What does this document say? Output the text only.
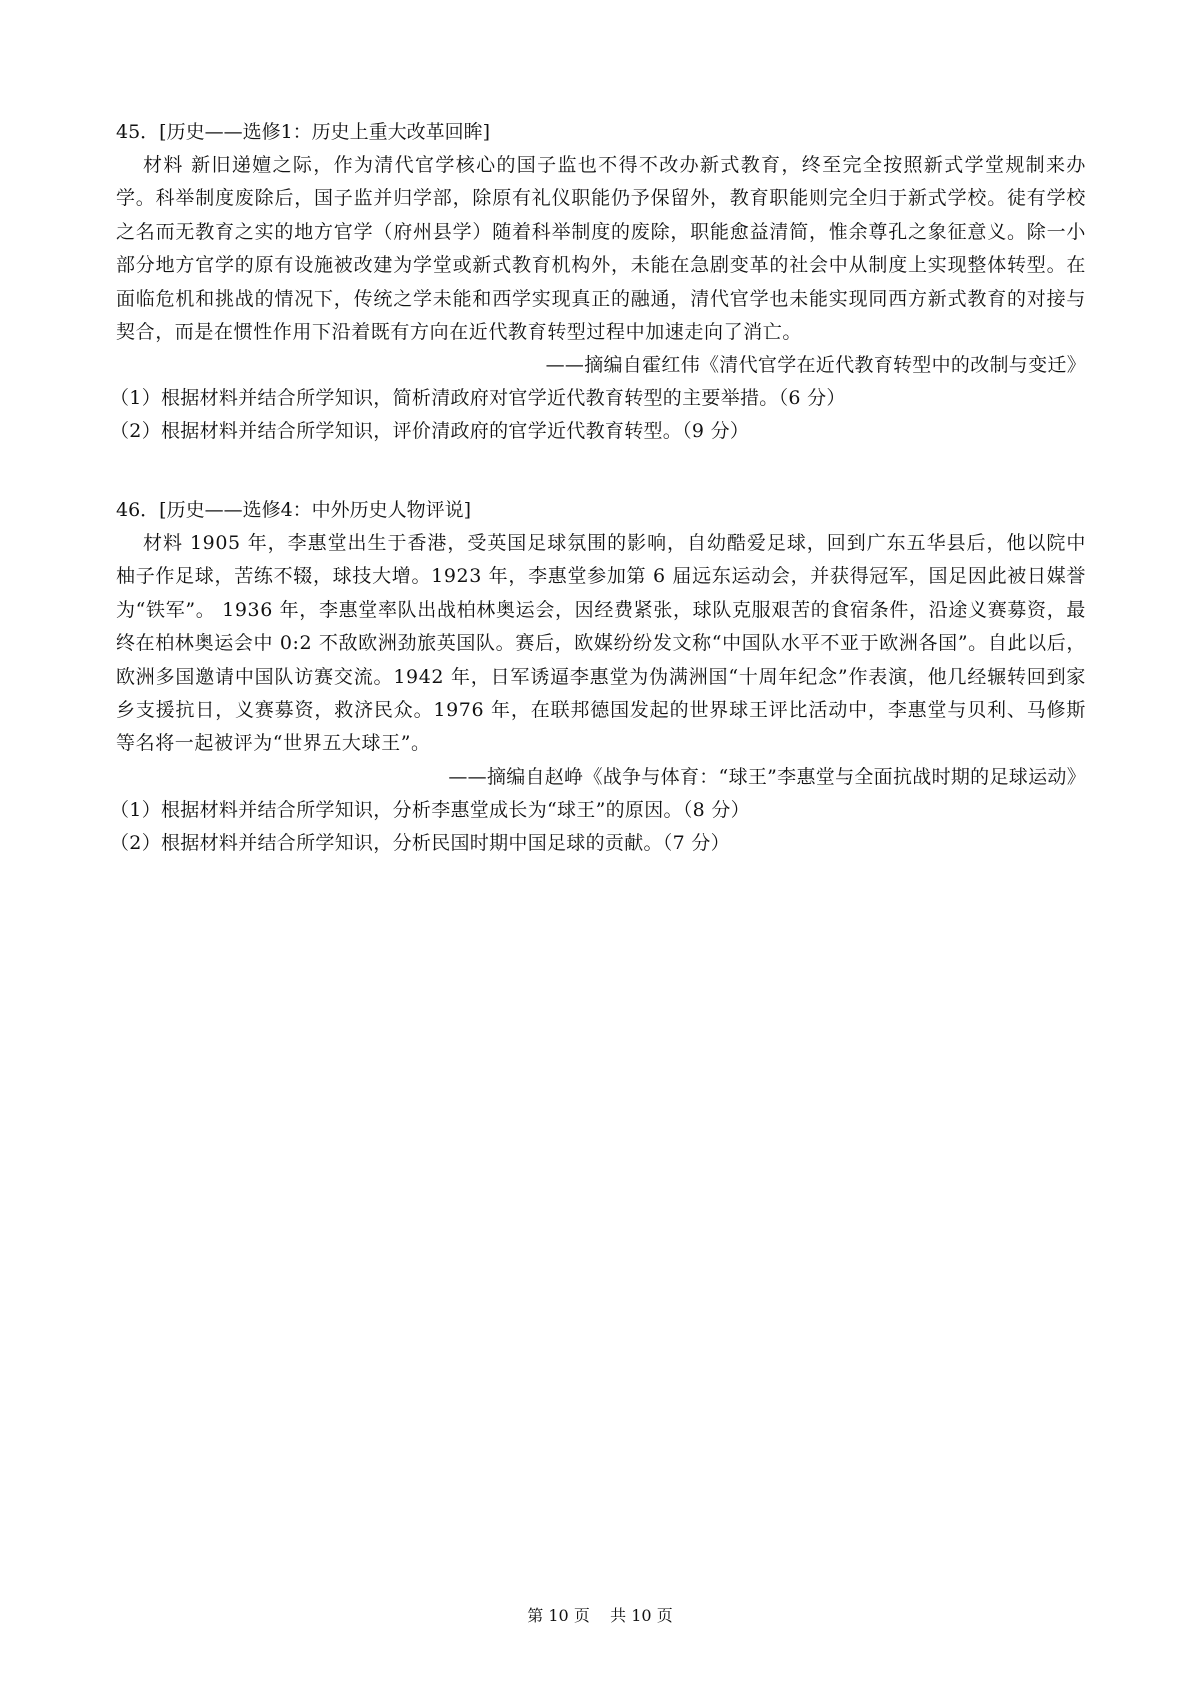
45．[历史——选修1：历史上重大改革回眸]

材料 新旧递嬗之际，作为清代官学核心的国子监也不得不改办新式教育，终至完全按照新式学堂规制来办学。科举制度废除后，国子监并归学部，除原有礼仪职能仍予保留外，教育职能则完全归于新式学校。徒有学校之名而无教育之实的地方官学（府州县学）随着科举制度的废除，职能愈益清简，惟余尊孔之象征意义。除一小部分地方官学的原有设施被改建为学堂或新式教育机构外，未能在急剧变革的社会中从制度上实现整体转型。在面临危机和挑战的情况下，传统之学未能和西学实现真正的融通，清代官学也未能实现同西方新式教育的对接与契合，而是在惯性作用下沿着既有方向在近代教育转型过程中加速走向了消亡。

——摘编自霍红伟《清代官学在近代教育转型中的改制与变迁》
（1）根据材料并结合所学知识，简析清政府对官学近代教育转型的主要举措。（6 分）
（2）根据材料并结合所学知识，评价清政府的官学近代教育转型。（9 分）
46．[历史——选修4：中外历史人物评说]

材料 1905 年，李惠堂出生于香港，受英国足球氛围的影响，自幼酷爱足球，回到广东五华县后，他以院中柚子作足球，苦练不辍，球技大增。1923 年，李惠堂参加第 6 届远东运动会，并获得冠军，国足因此被日媒誉为“铁军”。 1936 年，李惠堂率队出战柏林奥运会，因经费紧张，球队克服艰苦的食宿条件，沿途义赛募资，最终在柏林奥运会中 0:2 不敌欧洲劲旅英国队。赛后，欧媒纷纷发文称“中国队水平不亚于欧洲各国”。自此以后，欧洲多国邀请中国队访赛交流。1942 年，日军诱逼李惠堂为伪满洲国“十周年纪念”作表演，他几经辗转回到家乡支援抗日，义赛募资，救济民众。1976 年，在联邦德国发起的世界球王评比活动中，李惠堂与贝利、马修斯等名将一起被评为“世界五大球王”。

——摘编自赵峥《战争与体育：“球王”李惠堂与全面抗战时期的足球运动》
（1）根据材料并结合所学知识，分析李惠堂成长为“球王”的原因。（8 分）
（2）根据材料并结合所学知识，分析民国时期中国足球的贡献。（7 分）
第 10 页    共 10 页
